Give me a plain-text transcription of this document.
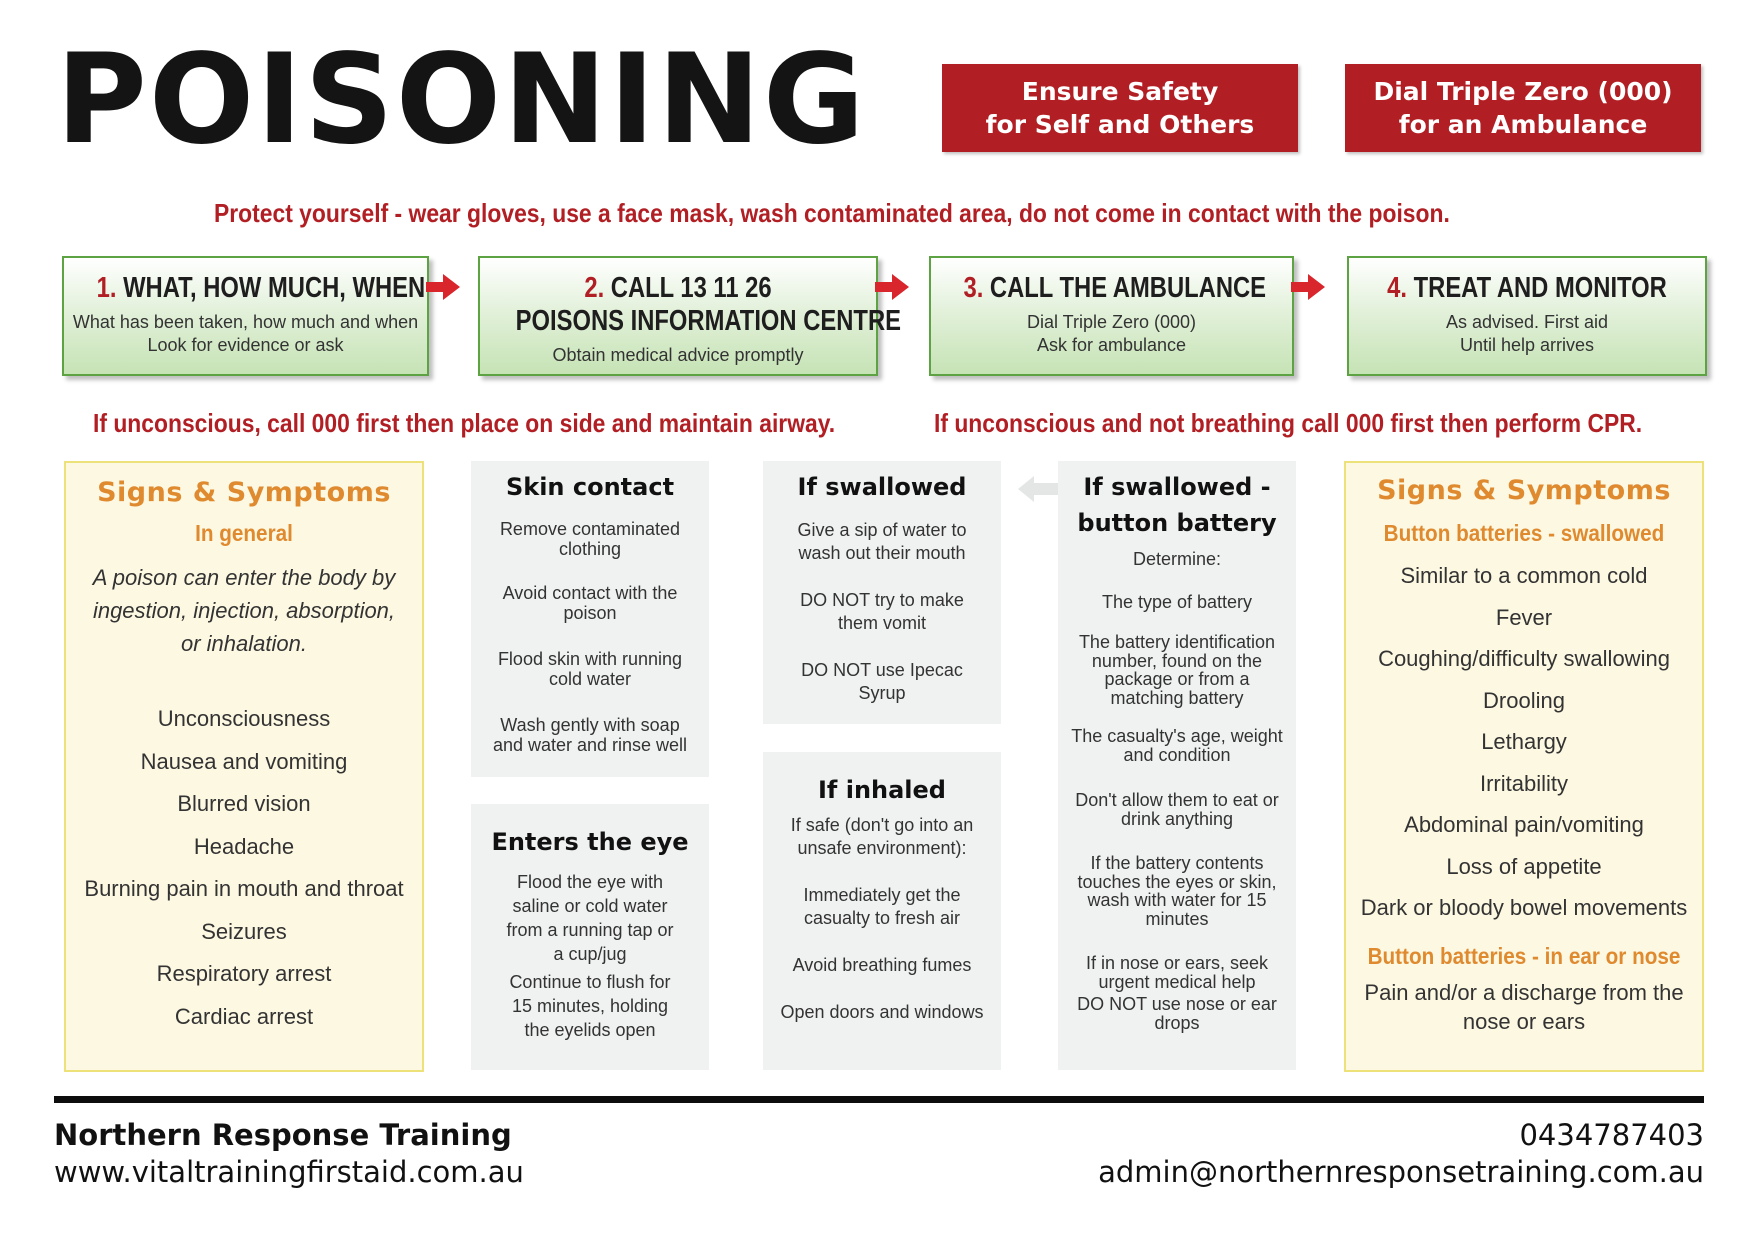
POISONING	Ensure Safety
for Self and Others
Dial Triple Zero (000)
for an Ambulance
Protect yourself - wear gloves, use a face mask, wash contaminated area, do not come in contact with the poison.
1. WHAT, HOW MUCH, WHEN
What has been taken, how much and when
Look for evidence or ask
2. CALL 13 11 26
POISONS INFORMATION CENTRE
Obtain medical advice promptly
3. CALL THE AMBULANCE
Dial Triple Zero (000)
Ask for ambulance
4. TREAT AND MONITOR
As advised. First aid
Until help arrives
If unconscious, call 000 first then place on side and maintain airway.	If unconscious and not breathing call 000 first then perform CPR.
Signs & Symptoms
In general
A poison can enter the body by
ingestion, injection, absorption,
or inhalation.
Unconsciousness
Nausea and vomiting
Blurred vision
Headache
Burning pain in mouth and throat
Seizures
Respiratory arrest
Cardiac arrest
Skin contact
Remove contaminated
clothing
Avoid contact with the
poison
Flood skin with running
cold water
Wash gently with soap
and water and rinse well
Enters the eye
Flood the eye with
saline or cold water
from a running tap or
a cup/jug
Continue to flush for
15 minutes, holding
the eyelids open
If swallowed
Give a sip of water to
wash out their mouth
DO NOT try to make
them vomit
DO NOT use Ipecac
Syrup
If inhaled
If safe (don't go into an
unsafe environment):
Immediately get the
casualty to fresh air
Avoid breathing fumes
Open doors and windows
If swallowed -
button battery
Determine:
The type of battery
The battery identification
number, found on the
package or from a
matching battery
The casualty's age, weight
and condition
Don't allow them to eat or
drink anything
If the battery contents
touches the eyes or skin,
wash with water for 15
minutes
If in nose or ears, seek
urgent medical help
DO NOT use nose or ear
drops
Signs & Symptoms
Button batteries - swallowed
Similar to a common cold
Fever
Coughing/difficulty swallowing
Drooling
Lethargy
Irritability
Abdominal pain/vomiting
Loss of appetite
Dark or bloody bowel movements
Button batteries - in ear or nose
Pain and/or a discharge from the
nose or ears
Northern Response Training
www.vitaltrainingfirstaid.com.au
0434787403
admin@northernresponsetraining.com.au
